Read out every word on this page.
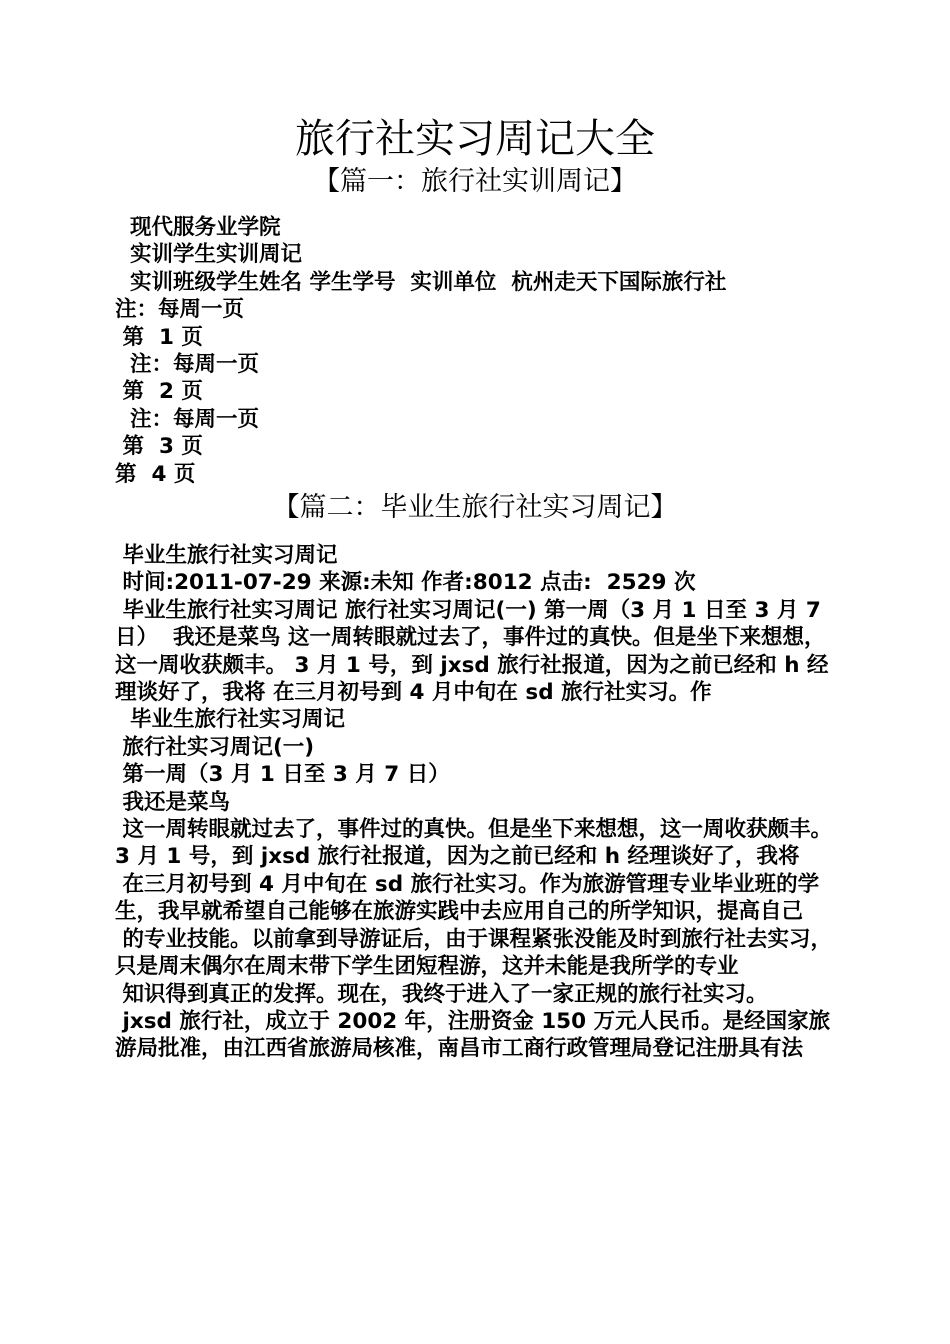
旅行社实习周记大全
【篇一：旅行社实训周记】
现代服务业学院
实训学生实训周记
实训班级学生姓名 学生学号  实训单位  杭州走天下国际旅行社
注：每周一页
第  1 页
注：每周一页
第  2 页
注：每周一页
第  3 页
第  4 页
【篇二：毕业生旅行社实习周记】
毕业生旅行社实习周记
时间:2011-07-29 来源:未知 作者:8012 点击:  2529 次
毕业生旅行社实习周记 旅行社实习周记(一) 第一周（3 月 1 日至 3 月 7 日）  我还是菜鸟 这一周转眼就过去了，事件过的真快。但是坐下来想想，这一周收获颇丰。 3 月 1 号，到 jxsd 旅行社报道，因为之前已经和 h 经理谈好了，我将 在三月初号到 4 月中旬在 sd 旅行社实习。作
毕业生旅行社实习周记
旅行社实习周记(一)
第一周（3 月 1 日至 3 月 7 日）
我还是菜鸟
这一周转眼就过去了，事件过的真快。但是坐下来想想，这一周收获颇丰。 3 月 1 号，到 jxsd 旅行社报道，因为之前已经和 h 经理谈好了，我将
在三月初号到 4 月中旬在 sd 旅行社实习。作为旅游管理专业毕业班的学生，我早就希望自己能够在旅游实践中去应用自己的所学知识，提高自己
的专业技能。以前拿到导游证后，由于课程紧张没能及时到旅行社去实习，只是周末偶尔在周末带下学生团短程游，这并未能是我所学的专业
知识得到真正的发挥。现在，我终于进入了一家正规的旅行社实习。
jxsd 旅行社，成立于 2002 年，注册资金 150 万元人民币。是经国家旅游局批准，由江西省旅游局核准，南昌市工商行政管理局登记注册具有法
